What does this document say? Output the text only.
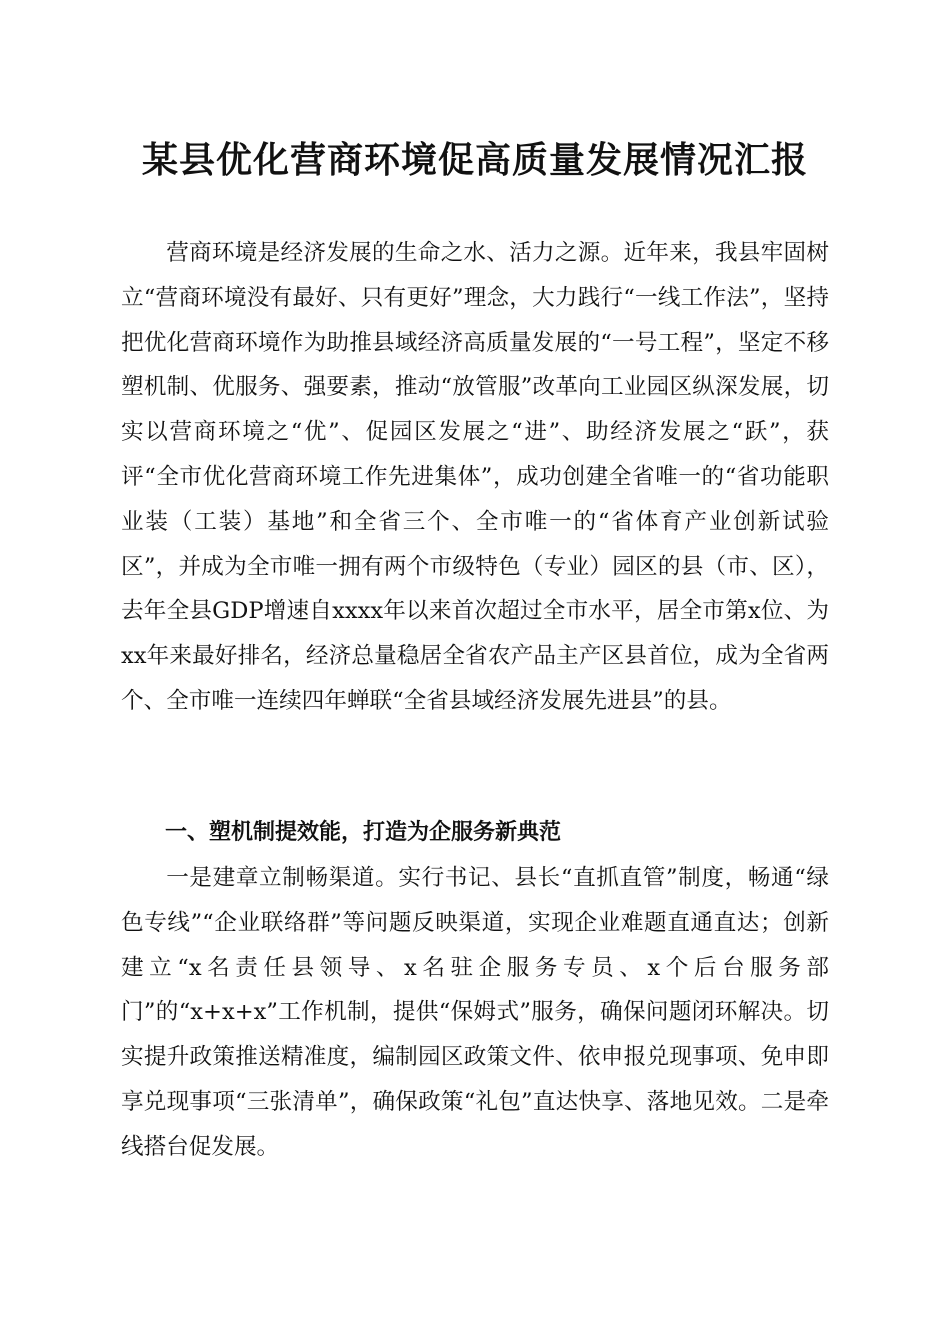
某县优化营商环境促高质量发展情况汇报

营商环境是经济发展的生命之水、活力之源。近年来，我县牢固树立“营商环境没有最好、只有更好”理念，大力践行“一线工作法”，坚持把优化营商环境作为助推县域经济高质量发展的“一号工程”，坚定不移塑机制、优服务、强要素，推动“放管服”改革向工业园区纵深发展，切实以营商环境之“优”、促园区发展之“进”、助经济发展之“跃”，获评“全市优化营商环境工作先进集体”，成功创建全省唯一的“省功能职业装（工装）基地”和全省三个、全市唯一的“省体育产业创新试验区”，并成为全市唯一拥有两个市级特色（专业）园区的县（市、区），去年全县GDP增速自xxxx年以来首次超过全市水平，居全市第x位、为xx年来最好排名，经济总量稳居全省农产品主产区县首位，成为全省两个、全市唯一连续四年蝉联“全省县域经济发展先进县”的县。

一、塑机制提效能，打造为企服务新典范

一是建章立制畅渠道。实行书记、县长“直抓直管”制度，畅通“绿色专线”“企业联络群”等问题反映渠道，实现企业难题直通直达；创新建立“x名责任县领导、x名驻企服务专员、x个后台服务部门”的“x+x+x”工作机制，提供“保姆式”服务，确保问题闭环解决。切实提升政策推送精准度，编制园区政策文件、依申报兑现事项、免申即享兑现事项“三张清单”，确保政策“礼包”直达快享、落地见效。二是牵线搭台促发展。
